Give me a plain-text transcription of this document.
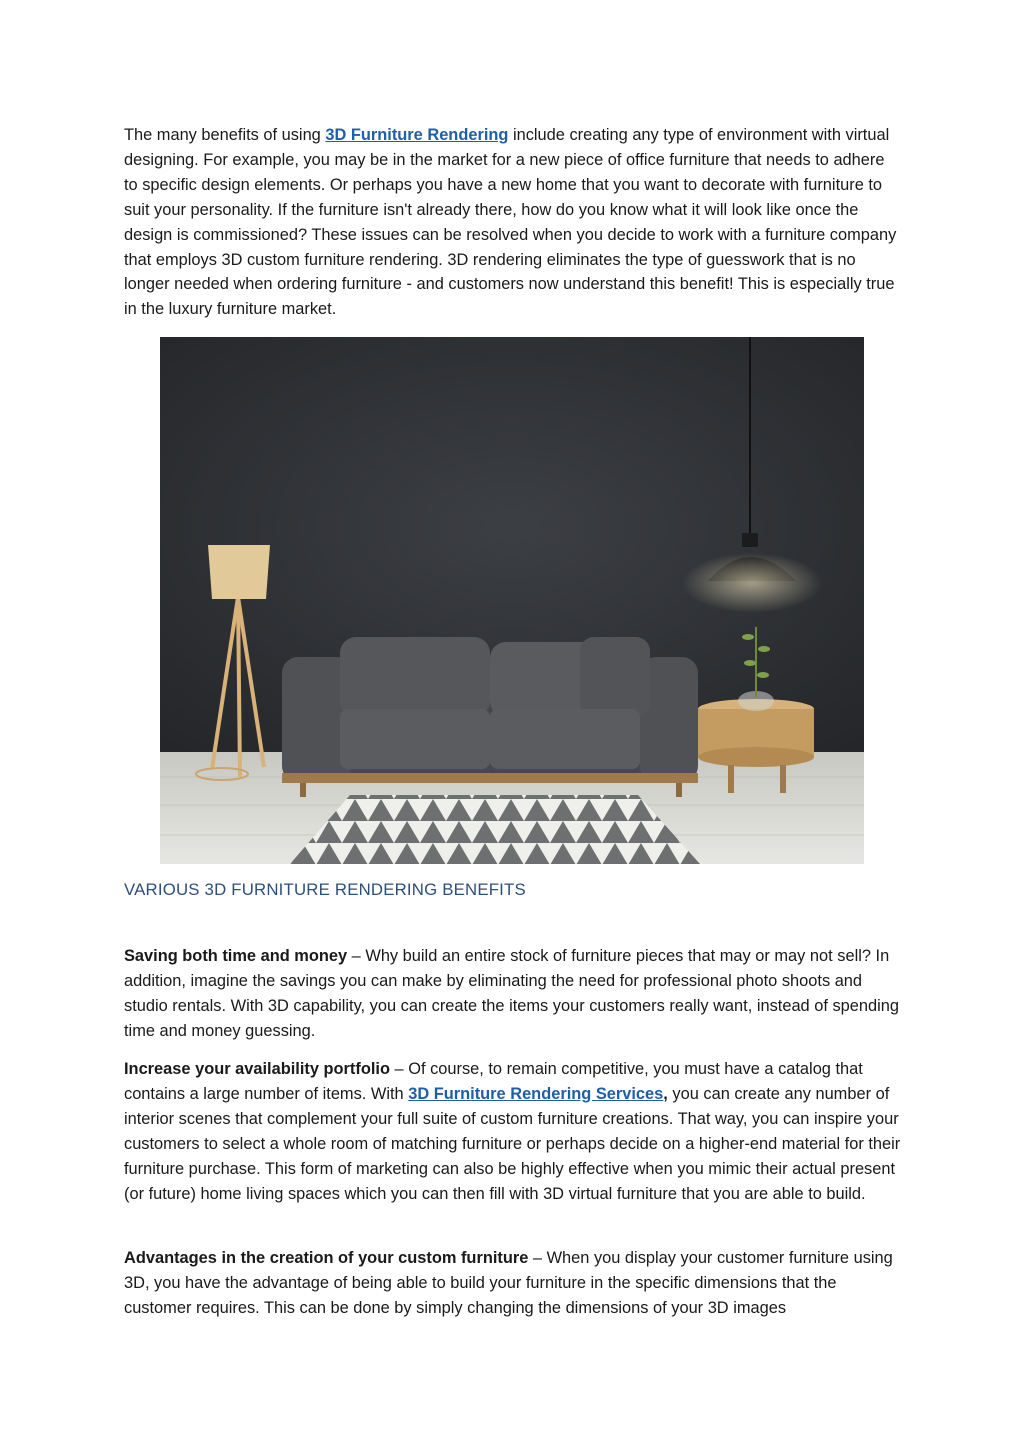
The many benefits of using 3D Furniture Rendering include creating any type of environment with virtual designing. For example, you may be in the market for a new piece of office furniture that needs to adhere to specific design elements. Or perhaps you have a new home that you want to decorate with furniture to suit your personality. If the furniture isn't already there, how do you know what it will look like once the design is commissioned? These issues can be resolved when you decide to work with a furniture company that employs 3D custom furniture rendering. 3D rendering eliminates the type of guesswork that is no longer needed when ordering furniture - and customers now understand this benefit! This is especially true in the luxury furniture market.

VARIOUS 3D FURNITURE RENDERING BENEFITS

Saving both time and money – Why build an entire stock of furniture pieces that may or may not sell? In addition, imagine the savings you can make by eliminating the need for professional photo shoots and studio rentals. With 3D capability, you can create the items your customers really want, instead of spending time and money guessing.

Increase your availability portfolio – Of course, to remain competitive, you must have a catalog that contains a large number of items. With 3D Furniture Rendering Services, you can create any number of interior scenes that complement your full suite of custom furniture creations. That way, you can inspire your customers to select a whole room of matching furniture or perhaps decide on a higher-end material for their furniture purchase. This form of marketing can also be highly effective when you mimic their actual present (or future) home living spaces which you can then fill with 3D virtual furniture that you are able to build.

Advantages in the creation of your custom furniture – When you display your customer furniture using 3D, you have the advantage of being able to build your furniture in the specific dimensions that the customer requires. This can be done by simply changing the dimensions of your 3D images
